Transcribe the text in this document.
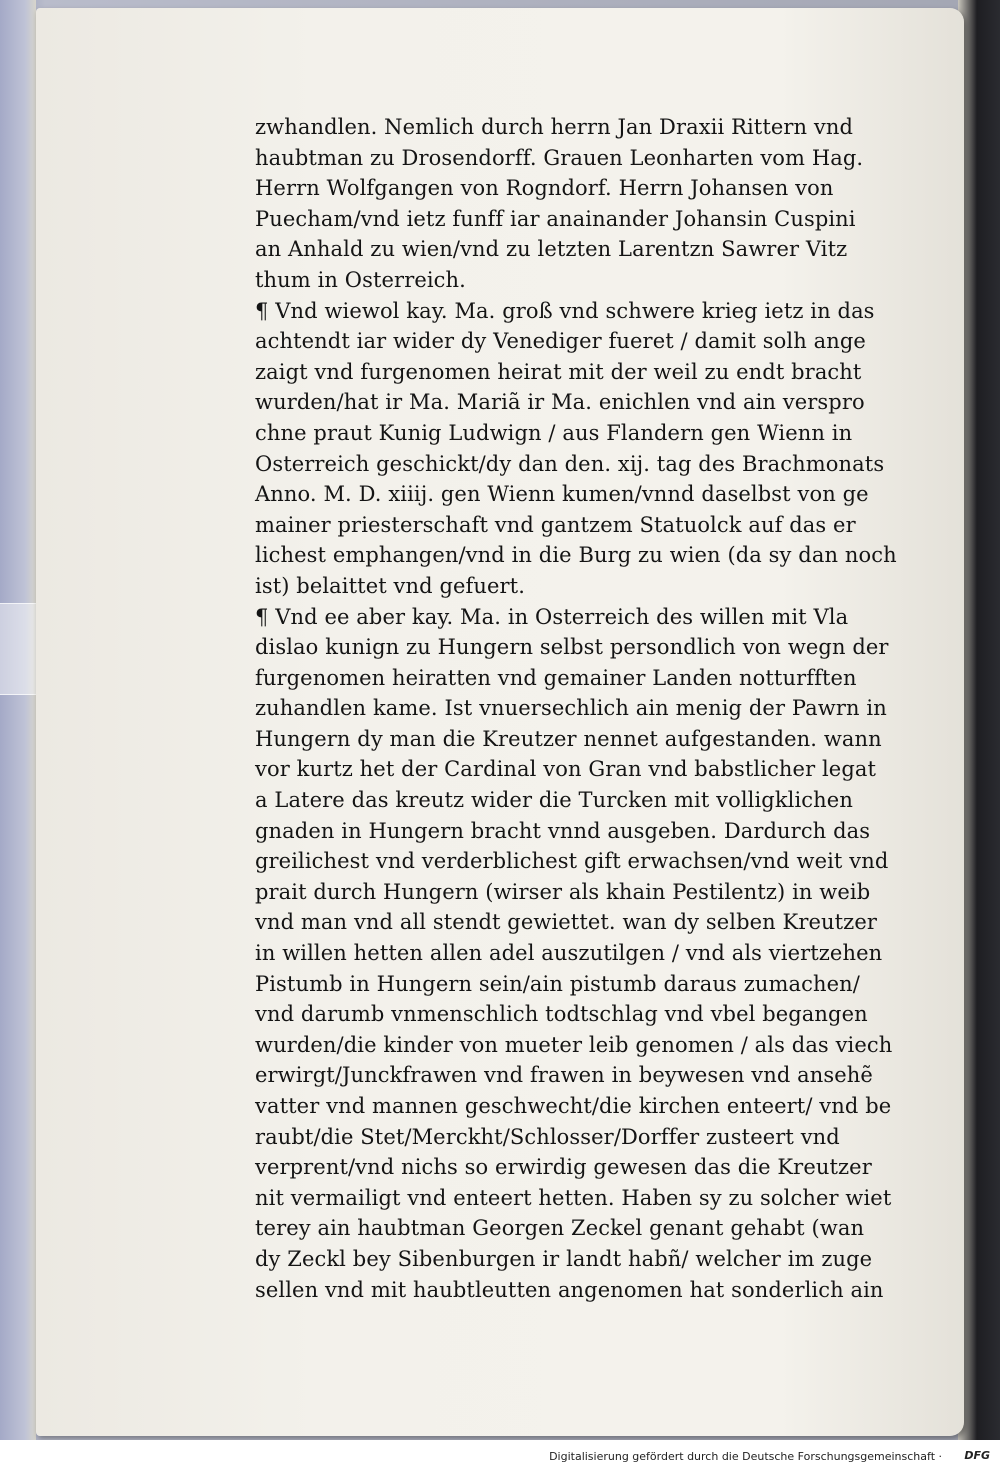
zwhandlen. Nemlich durch herrn Jan Draxii Rittern vnd
haubtman zu Drosendorff. Grauen Leonharten vom Hag.
Herrn Wolfgangen von Rogndorf. Herrn Johansen von
Puecham/vnd ietz funff iar anainander Johansin Cuspini
an Anhald zu wien/vnd zu letzten Larentzn Sawrer Vitz
thum in Osterreich.
¶ Vnd wiewol kay. Ma. groß vnd schwere krieg ietz in das
achtendt iar wider dy Venediger fueret / damit solh ange
zaigt vnd furgenomen heirat mit der weil zu endt bracht
wurden/hat ir Ma. Mariã ir Ma. enichlen vnd ain verspro
chne praut Kunig Ludwign / aus Flandern gen Wienn in
Osterreich geschickt/dy dan den. xij. tag des Brachmonats
Anno. M. D. xiiij. gen Wienn kumen/vnnd daselbst von ge
mainer priesterschaft vnd gantzem Statuolck auf das er
lichest emphangen/vnd in die Burg zu wien (da sy dan noch
ist) belaittet vnd gefuert.
¶ Vnd ee aber kay. Ma. in Osterreich des willen mit Vla
dislao kunign zu Hungern selbst persondlich von wegn der
furgenomen heiratten vnd gemainer Landen notturfften
zuhandlen kame. Ist vnuersechlich ain menig der Pawrn in
Hungern dy man die Kreutzer nennet aufgestanden. wann
vor kurtz het der Cardinal von Gran vnd babstlicher legat
a Latere das kreutz wider die Turcken mit volligklichen
gnaden in Hungern bracht vnnd ausgeben. Dardurch das
greilichest vnd verderblichest gift erwachsen/vnd weit vnd
prait durch Hungern (wirser als khain Pestilentz) in weib
vnd man vnd all stendt gewiettet. wan dy selben Kreutzer
in willen hetten allen adel auszutilgen / vnd als viertzehen
Pistumb in Hungern sein/ain pistumb daraus zumachen/
vnd darumb vnmenschlich todtschlag vnd vbel begangen
wurden/die kinder von mueter leib genomen / als das viech
erwirgt/Junckfrawen vnd frawen in beywesen vnd ansehẽ
vatter vnd mannen geschwecht/die kirchen enteert/ vnd be
raubt/die Stet/Merckht/Schlosser/Dorffer zusteert vnd
verprent/vnd nichs so erwirdig gewesen das die Kreutzer
nit vermailigt vnd enteert hetten. Haben sy zu solcher wiet
terey ain haubtman Georgen Zeckel genant gehabt (wan
dy Zeckl bey Sibenburgen ir landt habñ/ welcher im zuge
sellen vnd mit haubtleutten angenomen hat sonderlich ain
Digitalisierung gefördert durch die Deutsche Forschungsgemeinschaft · DFG
